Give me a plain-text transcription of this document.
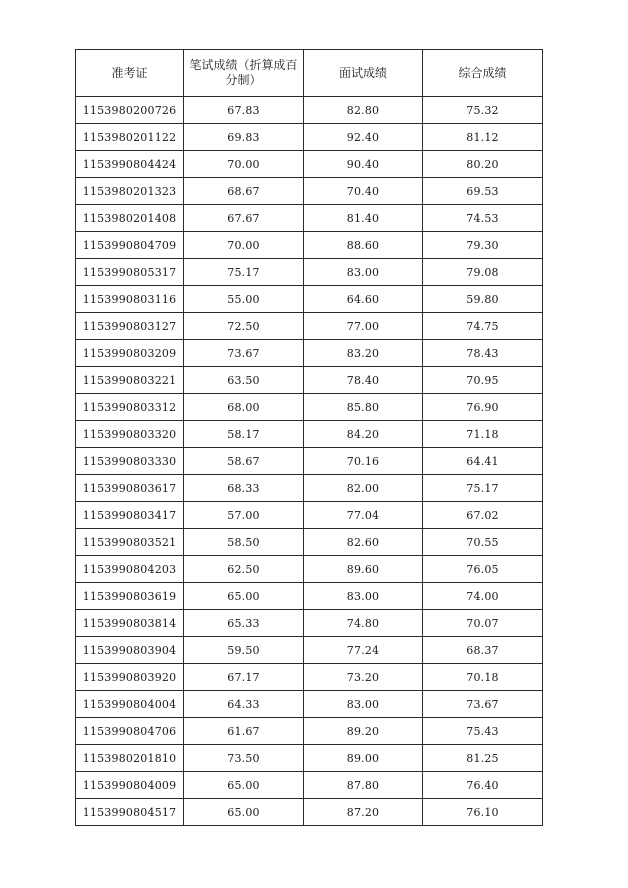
准考证	笔试成绩（折算成百分制）	面试成绩	综合成绩
1153980200726	67.83	82.80	75.32
1153980201122	69.83	92.40	81.12
1153990804424	70.00	90.40	80.20
1153980201323	68.67	70.40	69.53
1153980201408	67.67	81.40	74.53
1153990804709	70.00	88.60	79.30
1153990805317	75.17	83.00	79.08
1153990803116	55.00	64.60	59.80
1153990803127	72.50	77.00	74.75
1153990803209	73.67	83.20	78.43
1153990803221	63.50	78.40	70.95
1153990803312	68.00	85.80	76.90
1153990803320	58.17	84.20	71.18
1153990803330	58.67	70.16	64.41
1153990803617	68.33	82.00	75.17
1153990803417	57.00	77.04	67.02
1153990803521	58.50	82.60	70.55
1153990804203	62.50	89.60	76.05
1153990803619	65.00	83.00	74.00
1153990803814	65.33	74.80	70.07
1153990803904	59.50	77.24	68.37
1153990803920	67.17	73.20	70.18
1153990804004	64.33	83.00	73.67
1153990804706	61.67	89.20	75.43
1153980201810	73.50	89.00	81.25
1153990804009	65.00	87.80	76.40
1153990804517	65.00	87.20	76.10
